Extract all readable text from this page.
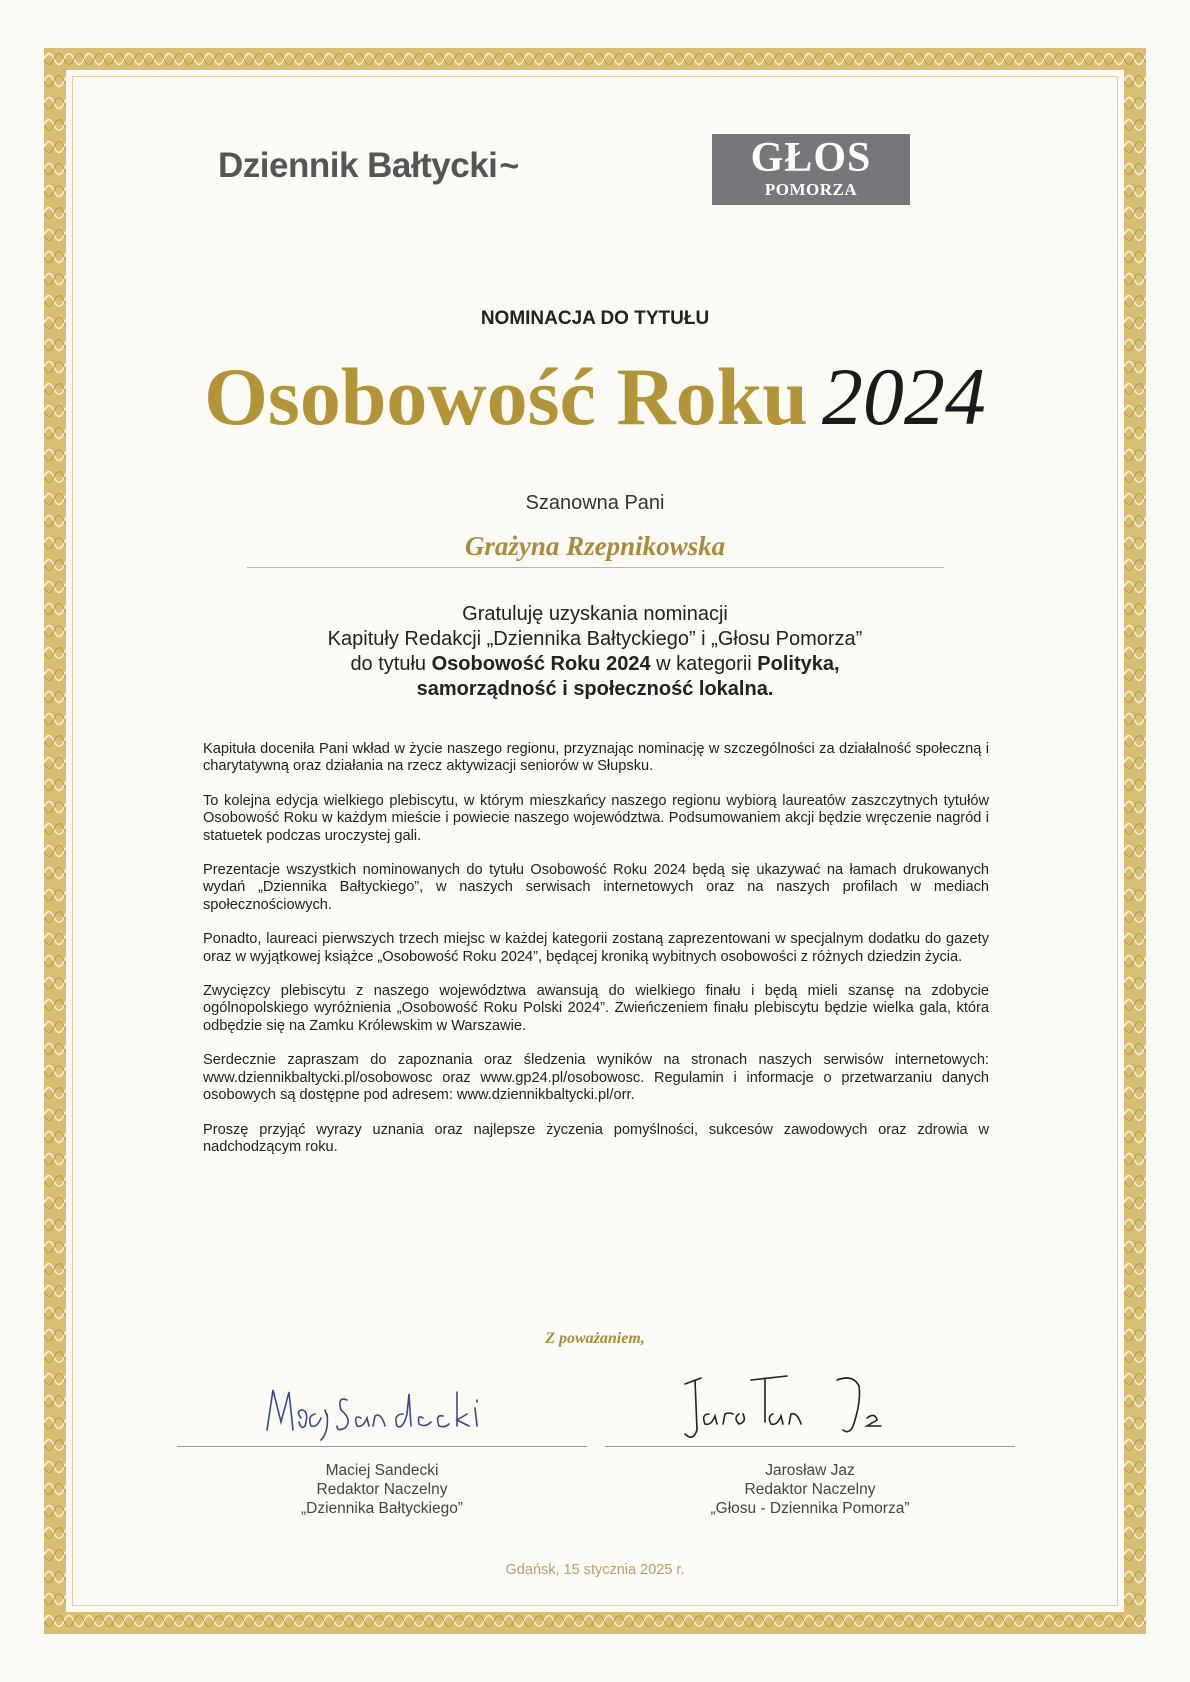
Dziennik Bałtycki ~	GŁOS
POMORZA
NOMINACJA DO TYTUŁU
Osobowość Roku 2024
Szanowna Pani
Grażyna Rzepnikowska
Gratuluję uzyskania nominacji
Kapituły Redakcji „Dziennika Bałtyckiego” i „Głosu Pomorza”
do tytułu Osobowość Roku 2024 w kategorii Polityka,
samorządność i społeczność lokalna.

Kapituła doceniła Pani wkład w życie naszego regionu, przyznając nominację w szczególności za działalność społeczną i charytatywną oraz działania na rzecz aktywizacji seniorów w Słupsku.

To kolejna edycja wielkiego plebiscytu, w którym mieszkańcy naszego regionu wybiorą laureatów zaszczytnych tytułów Osobowość Roku w każdym mieście i powiecie naszego województwa. Podsumowaniem akcji będzie wręczenie nagród i statuetek podczas uroczystej gali.

Prezentacje wszystkich nominowanych do tytułu Osobowość Roku 2024 będą się ukazywać na łamach drukowanych wydań „Dziennika Bałtyckiego”, w naszych serwisach internetowych oraz na naszych profilach w mediach społecznościowych.

Ponadto, laureaci pierwszych trzech miejsc w każdej kategorii zostaną zaprezentowani w specjalnym dodatku do gazety oraz w wyjątkowej książce „Osobowość Roku 2024”, będącej kroniką wybitnych osobowości z różnych dziedzin życia.

Zwycięzcy plebiscytu z naszego województwa awansują do wielkiego finału i będą mieli szansę na zdobycie ogólnopolskiego wyróżnienia „Osobowość Roku Polski 2024”. Zwieńczeniem finału plebiscytu będzie wielka gala, która odbędzie się na Zamku Królewskim w Warszawie.

Serdecznie zapraszam do zapoznania oraz śledzenia wyników na stronach naszych serwisów internetowych: www.dziennikbaltycki.pl/osobowosc oraz www.gp24.pl/osobowosc. Regulamin i informacje o przetwarzaniu danych osobowych są dostępne pod adresem: www.dziennikbaltycki.pl/orr.

Proszę przyjąć wyrazy uznania oraz najlepsze życzenia pomyślności, sukcesów zawodowych oraz zdrowia w nadchodzącym roku.

Z poważaniem,
Maciej Sandecki
Redaktor Naczelny
„Dziennika Bałtyckiego”
Jarosław Jaz
Redaktor Naczelny
„Głosu - Dziennika Pomorza”
Gdańsk, 15 stycznia 2025 r.
